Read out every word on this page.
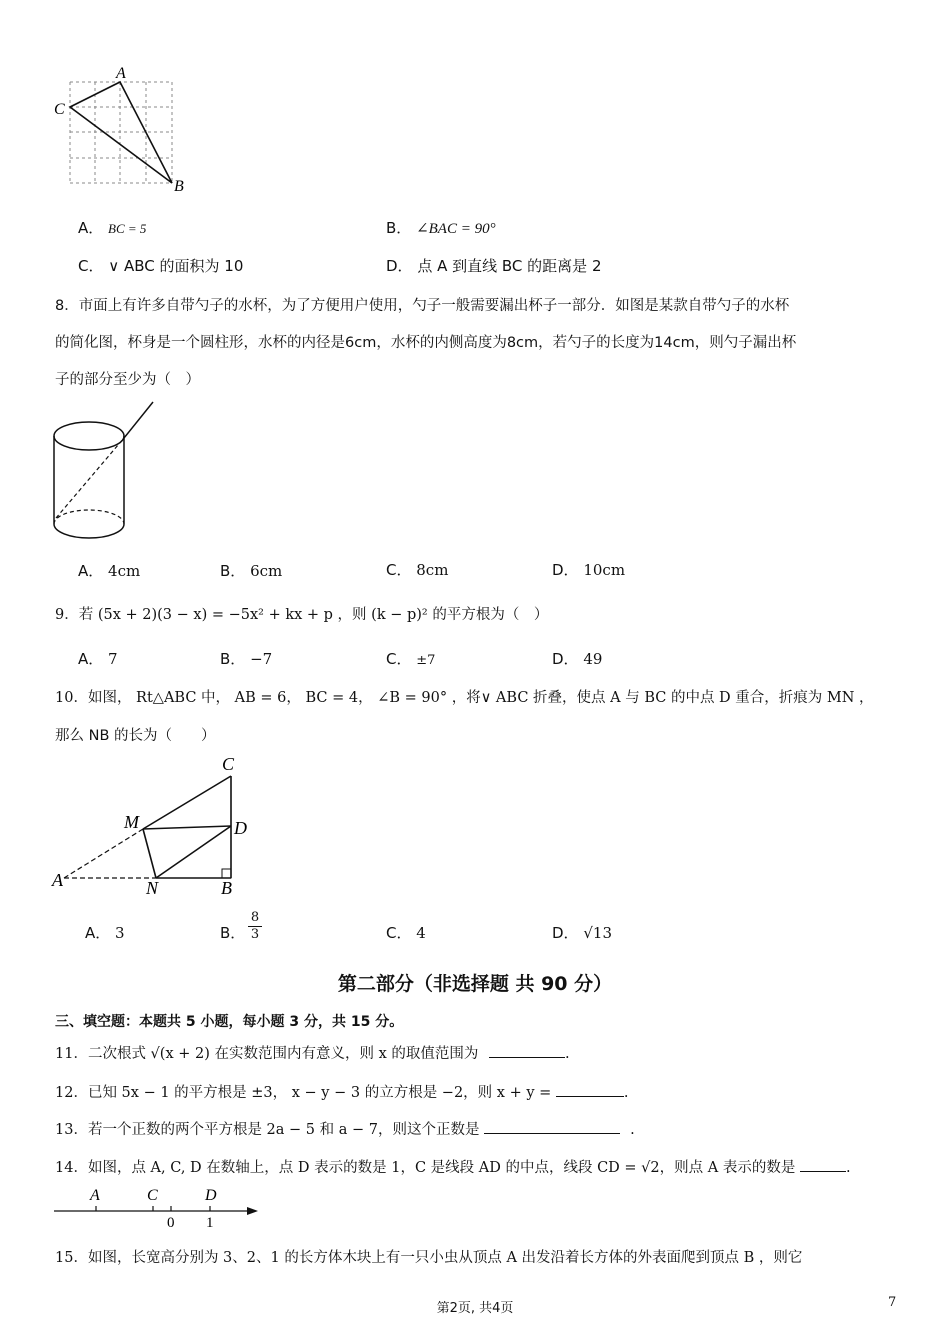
A
C
B
A． BC = 5	B． ∠BAC = 90°
C． ∨ ABC 的面积为 10	D． 点 A 到直线 BC 的距离是 2
8．市面上有许多自带勺子的水杯，为了方便用户使用，勺子一般需要漏出杯子一部分．如图是某款自带勺子的水杯
的简化图，杯身是一个圆柱形，水杯的内径是6cm，水杯的内侧高度为8cm，若勺子的长度为14cm，则勺子漏出杯
子的部分至少为（　）
A． 4cm	B． 6cm	C． 8cm	D． 10cm
9．若 (5x + 2)(3 − x) = −5x² + kx + p ，则 (k − p)² 的平方根为（　）
A． 7	B． −7	C． ±7	D． 49
10．如图， Rt△ABC 中， AB = 6， BC = 4， ∠B = 90° ，将∨ ABC 折叠，使点 A 与 BC 的中点 D 重合，折痕为 MN ，
那么 NB 的长为（　　）
C
M	D
A	N	B
A． 3	B． $\frac{8}{3}$	C． 4	D． √13
第二部分（非选择题 共 90 分）
三、填空题：本题共 5 小题，每小题 3 分，共 15 分。
11．二次根式 √(x + 2) 在实数范围内有意义，则 x 的取值范围为	.
12．已知 5x − 1 的平方根是 ±3， x − y − 3 的立方根是 −2，则 x + y =	.
13．若一个正数的两个平方根是 2a − 5 和 a − 7，则这个正数是	.
14．如图，点 A, C, D 在数轴上，点 D 表示的数是 1，C 是线段 AD 的中点，线段 CD = √2，则点 A 表示的数是	.
A	C	D
0 1
15．如图，长宽高分别为 3、2、1 的长方体木块上有一只小虫从顶点 A 出发沿着长方体的外表面爬到顶点 B ，则它
第2页, 共4页	7
